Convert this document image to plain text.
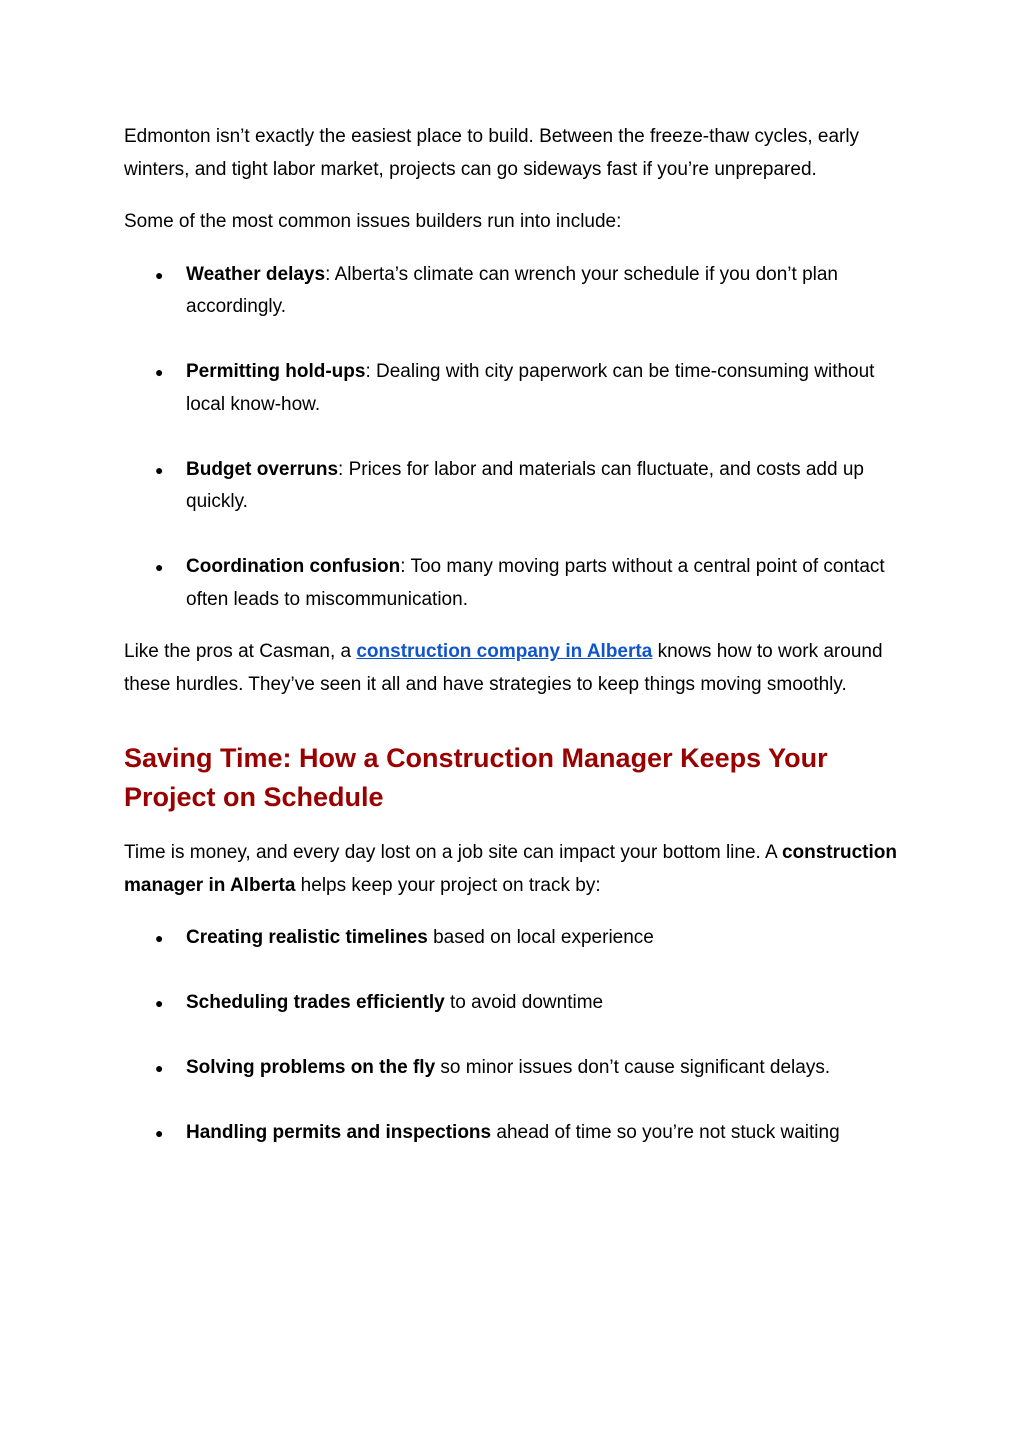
Edmonton isn’t exactly the easiest place to build. Between the freeze-thaw cycles, early winters, and tight labor market, projects can go sideways fast if you’re unprepared.

Some of the most common issues builders run into include:

●	Weather delays: Alberta’s climate can wrench your schedule if you don’t plan accordingly.
●	Permitting hold-ups: Dealing with city paperwork can be time-consuming without local know-how.
●	Budget overruns: Prices for labor and materials can fluctuate, and costs add up quickly.
●	Coordination confusion: Too many moving parts without a central point of contact often leads to miscommunication.

Like the pros at Casman, a construction company in Alberta knows how to work around these hurdles. They’ve seen it all and have strategies to keep things moving smoothly.

Saving Time: How a Construction Manager Keeps Your Project on Schedule

Time is money, and every day lost on a job site can impact your bottom line. A construction manager in Alberta helps keep your project on track by:

●	Creating realistic timelines based on local experience
●	Scheduling trades efficiently to avoid downtime
●	Solving problems on the fly so minor issues don’t cause significant delays.
●	Handling permits and inspections ahead of time so you’re not stuck waiting
